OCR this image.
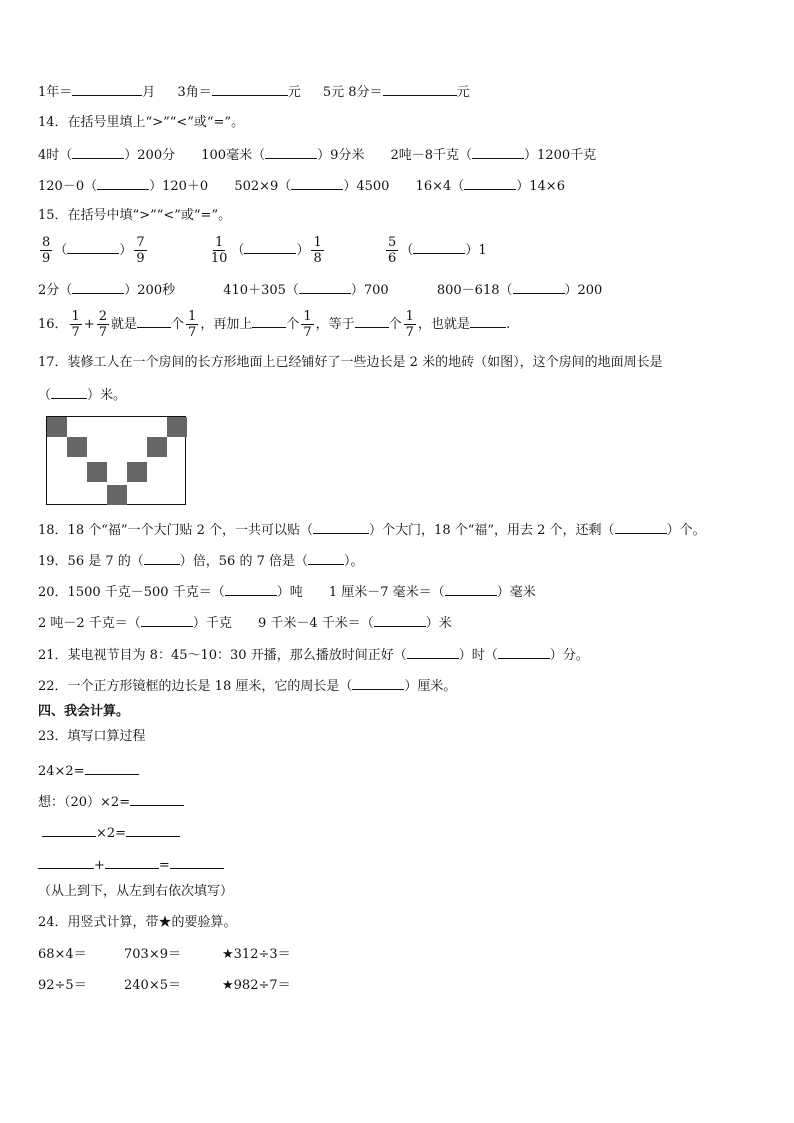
1年＝	月 3角＝	元 5元 8分＝	元
14．在括号里填上“>”“<”或“=”。
4时（	）200分 100毫米（	）9分米 2吨－8千克（	）1200千克
120－0（	）120＋0 502×9（	）4500 16×4（	）14×6
15．在括号中填“>”“<”或“=”。
$\frac{8}{9}$ （	） $\frac{7}{9}$
	$\frac{1}{10}$ （	） $\frac{1}{8}$
	$\frac{5}{6}$ （	）1
2分（	）200秒	410＋305（	）700	800－618（	）200
16． $\frac{1}{7} + \frac{2}{7}$ 就是	个 $\frac{1}{7}$ ，再加上	个 $\frac{1}{7}$ ，等于	个 $\frac{1}{7}$ ，也就是	.
17．装修工人在一个房间的长方形地面上已经铺好了一些边长是 2 米的地砖（如图），这个房间的地面周长是
（	）米。
18．18 个“福”一个大门贴 2 个，一共可以贴（	）个大门，18 个“福”，用去 2 个，还剩（	）个。
19．56 是 7 的（	）倍，56 的 7 倍是（	）。
20．1500 千克－500 千克＝（	）吨 1 厘米－7 毫米＝（	）毫米
2 吨－2 千克＝（	）千克 9 千米－4 千米＝（	）米
21．某电视节目为 8：45～10：30 开播，那么播放时间正好（	）时（	）分。
22．一个正方形镜框的边长是 18 厘米，它的周长是（	）厘米。
四、我会计算。
23．填写口算过程
24×2=
想：（20）×2=
×2=
+	=
（从上到下，从左到右依次填写）
24．用竖式计算，带★的要验算。
68×4＝	703×9＝	★312÷3＝
92÷5＝	240×5＝	★982÷7＝
